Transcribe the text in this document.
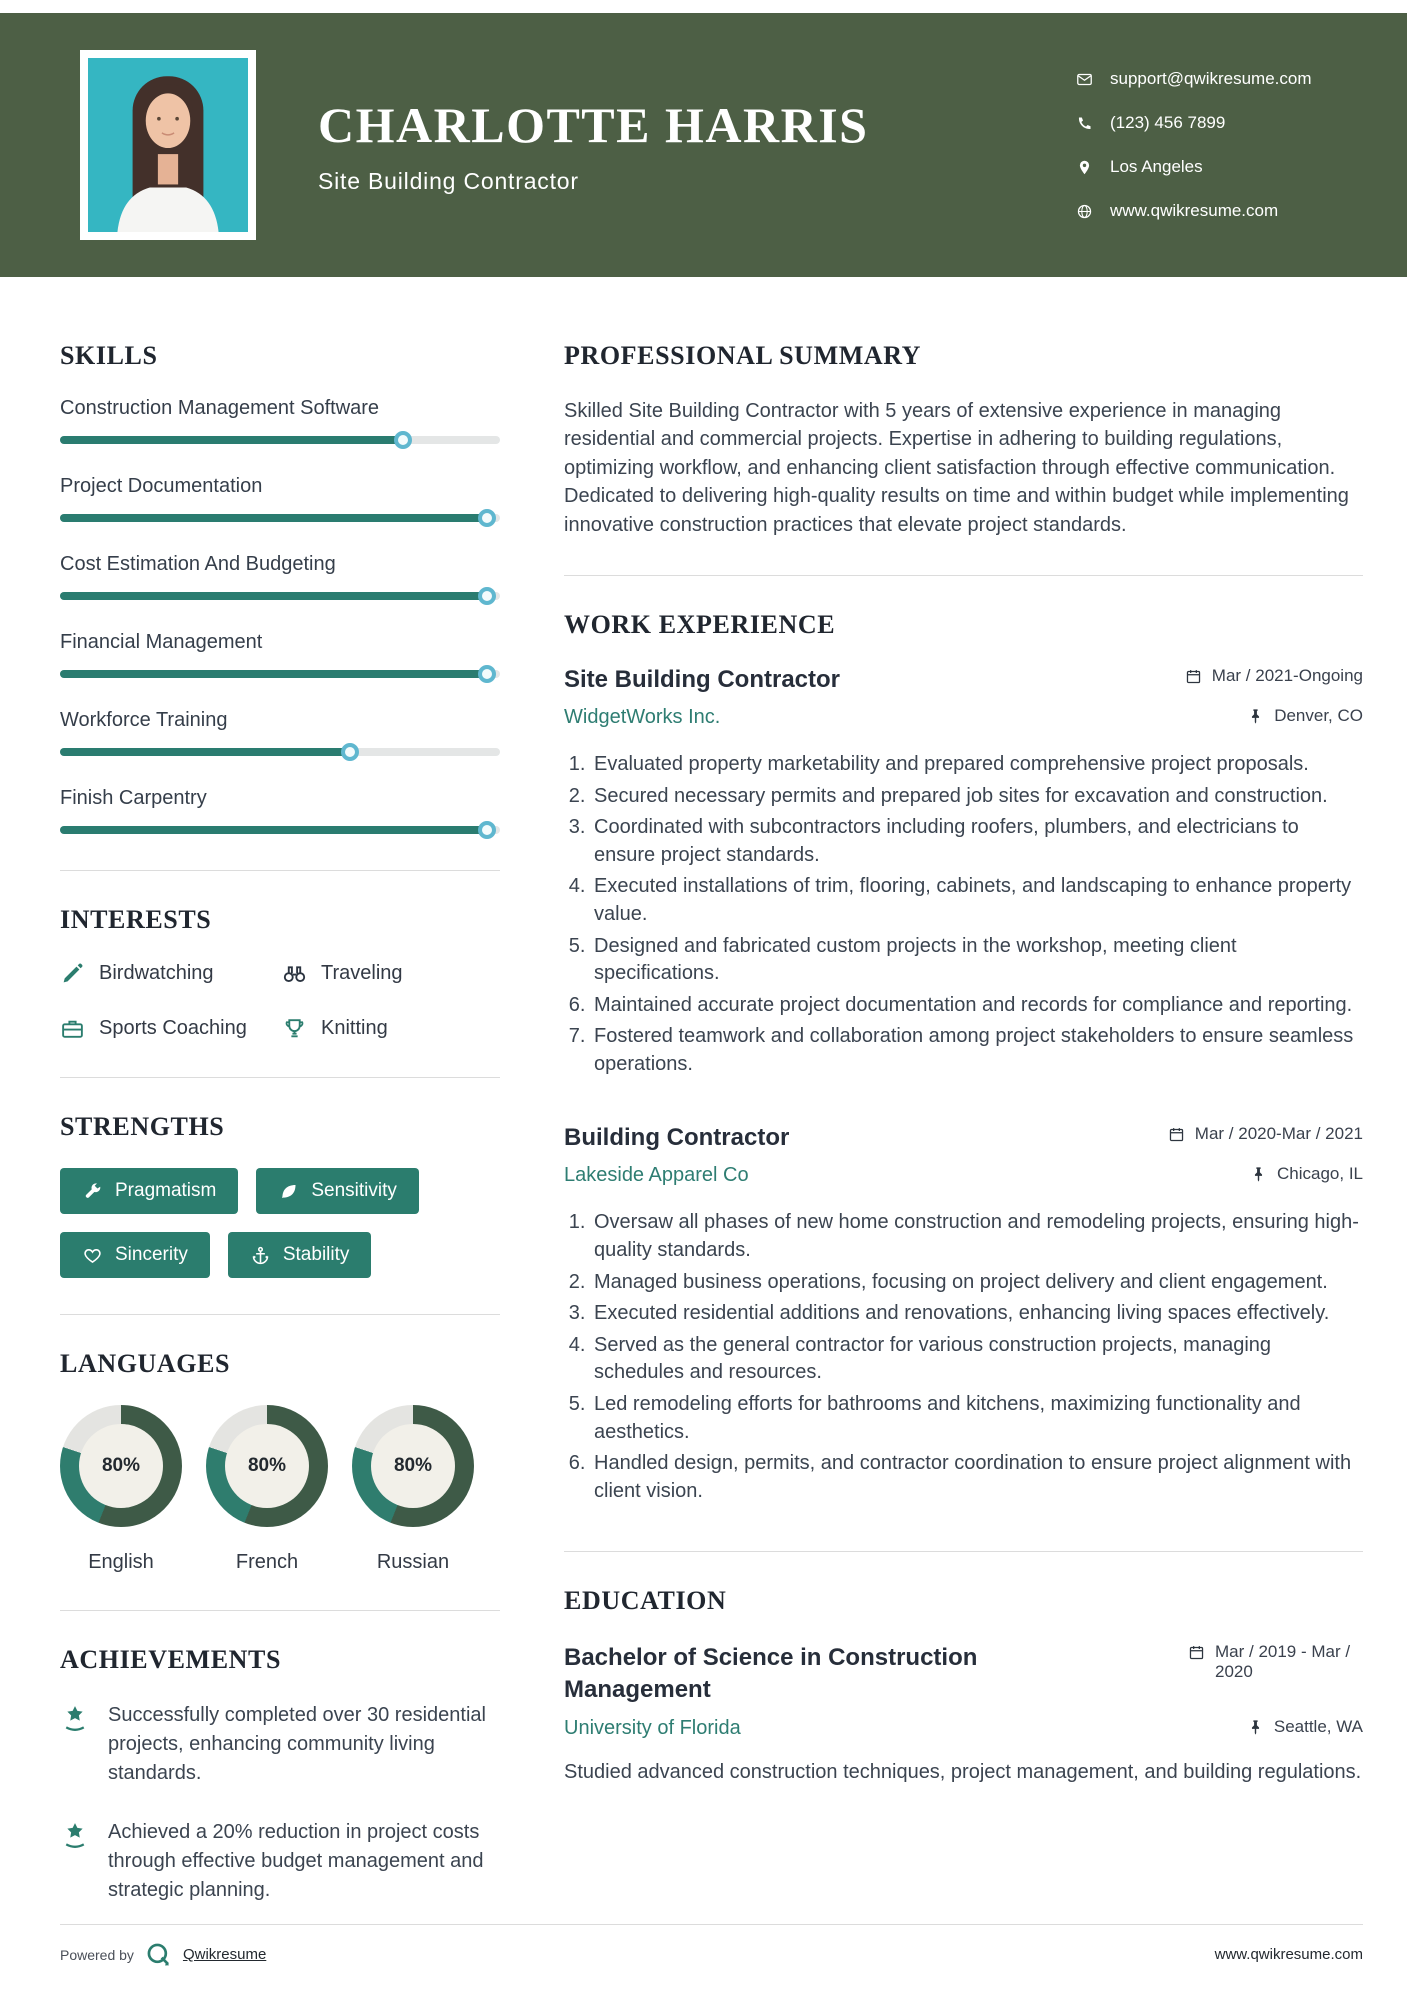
CHARLOTTE HARRIS
Site Building Contractor
support@qwikresume.com
(123) 456 7899
Los Angeles
www.qwikresume.com
SKILLS
Construction Management Software
Project Documentation
Cost Estimation And Budgeting
Financial Management
Workforce Training
Finish Carpentry
INTERESTS
Birdwatching	Traveling
Sports Coaching	Knitting
STRENGTHS
Pragmatism	Sensitivity
Sincerity	Stability
LANGUAGES
80%
English
80%
French
80%
Russian
ACHIEVEMENTS
Successfully completed over 30 residential projects, enhancing community living standards.
Achieved a 20% reduction in project costs through effective budget management and strategic planning.
PROFESSIONAL SUMMARY

Skilled Site Building Contractor with 5 years of extensive experience in managing residential and commercial projects. Expertise in adhering to building regulations, optimizing workflow, and enhancing client satisfaction through effective communication. Dedicated to delivering high-quality results on time and within budget while implementing innovative construction practices that elevate project standards.

WORK EXPERIENCE
Site Building Contractor	Mar / 2021-Ongoing
WidgetWorks Inc.	Denver, CO
1. Evaluated property marketability and prepared comprehensive project proposals.
2. Secured necessary permits and prepared job sites for excavation and construction.
3. Coordinated with subcontractors including roofers, plumbers, and electricians to ensure project standards.
4. Executed installations of trim, flooring, cabinets, and landscaping to enhance property value.
5. Designed and fabricated custom projects in the workshop, meeting client specifications.
6. Maintained accurate project documentation and records for compliance and reporting.
7. Fostered teamwork and collaboration among project stakeholders to ensure seamless operations.
Building Contractor	Mar / 2020-Mar / 2021
Lakeside Apparel Co	Chicago, IL
1. Oversaw all phases of new home construction and remodeling projects, ensuring high-quality standards.
2. Managed business operations, focusing on project delivery and client engagement.
3. Executed residential additions and renovations, enhancing living spaces effectively.
4. Served as the general contractor for various construction projects, managing schedules and resources.
5. Led remodeling efforts for bathrooms and kitchens, maximizing functionality and aesthetics.
6. Handled design, permits, and contractor coordination to ensure project alignment with client vision.
EDUCATION
Bachelor of Science in Construction Management
Mar / 2019 - Mar / 2020
University of Florida	Seattle, WA

Studied advanced construction techniques, project management, and building regulations.

Powered by	Qwikresume	www.qwikresume.com
